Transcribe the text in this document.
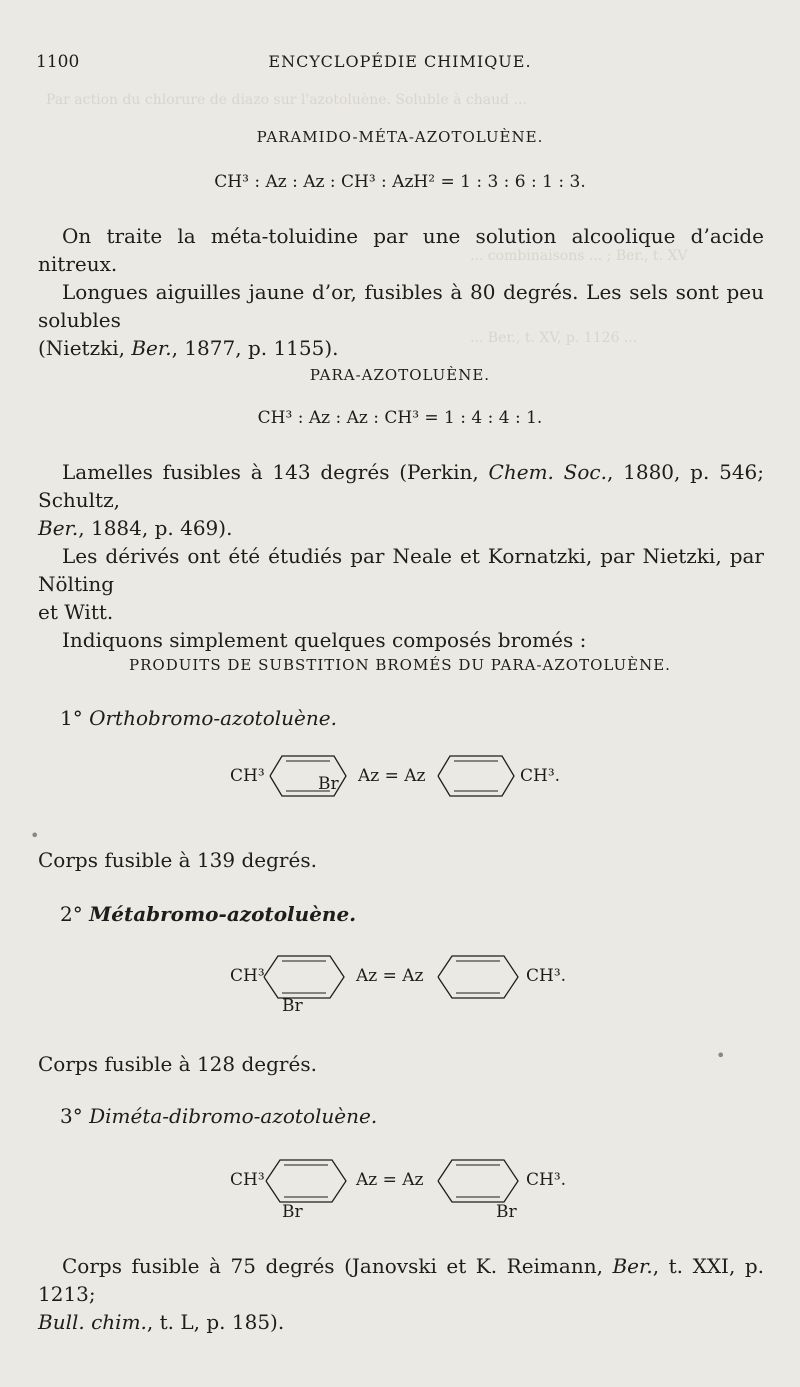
Par action du chlorure de diazo sur l'azotoluène. Soluble à chaud ...
... combinaisons ... ; Ber., t. XV
... Ber., t. XV, p. 1126 ...
1100	ENCYCLOPÉDIE CHIMIQUE.
PARAMIDO-MÉTA-AZOTOLUÈNE.
CH³ : Az : Az : CH³ : AzH² = 1 : 3 : 6 : 1 : 3.
On traite la méta-toluidine par une solution alcoolique d’acide nitreux.
Longues aiguilles jaune d’or, fusibles à 80 degrés. Les sels sont peu solubles
(Nietzki, Ber., 1877, p. 1155).
PARA-AZOTOLUÈNE.
CH³ : Az : Az : CH³ = 1 : 4 : 4 : 1.
Lamelles fusibles à 143 degrés (Perkin, Chem. Soc., 1880, p. 546; Schultz,
Ber., 1884, p. 469).
Les dérivés ont été étudiés par Neale et Kornatzki, par Nietzki, par Nölting
et Witt.
Indiquons simplement quelques composés bromés :
PRODUITS DE SUBSTITION BROMÉS DU PARA-AZOTOLUÈNE.
1° Orthobromo-azotoluène.
CH³	Br Az = Az	CH³.
•
Corps fusible à 139 degrés.
2° Métabromo-azotoluène.
CH³
Br
Az = Az	CH³.
Corps fusible à 128 degrés.	•
3° Diméta-dibromo-azotoluène.
CH³
Br
Az = Az
Br
CH³.
Corps fusible à 75 degrés (Janovski et K. Reimann, Ber., t. XXI, p. 1213;
Bull. chim., t. L, p. 185).
